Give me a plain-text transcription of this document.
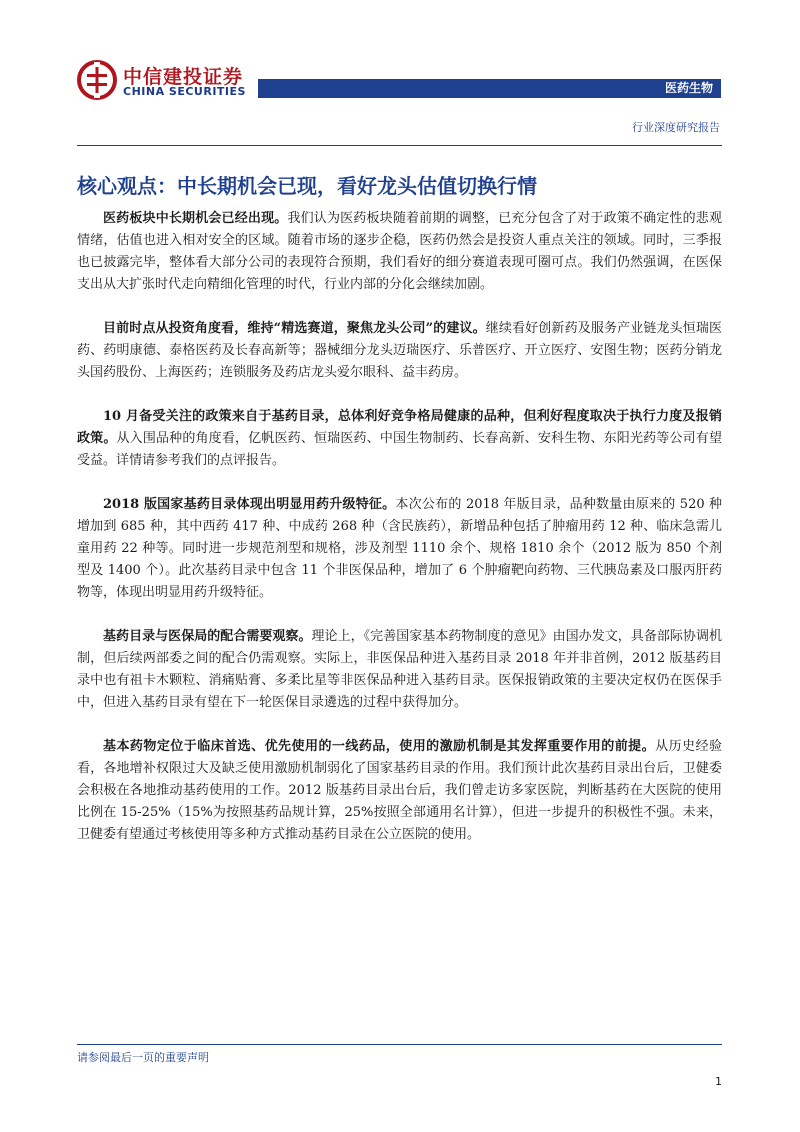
中信建投证券
CHINA SECURITIES	医药生物
行业深度研究报告
核心观点：中长期机会已现，看好龙头估值切换行情

医药板块中长期机会已经出现。我们认为医药板块随着前期的调整，已充分包含了对于政策不确定性的悲观情绪，估值也进入相对安全的区域。随着市场的逐步企稳，医药仍然会是投资人重点关注的领域。同时，三季报也已披露完毕，整体看大部分公司的表现符合预期，我们看好的细分赛道表现可圈可点。我们仍然强调，在医保支出从大扩张时代走向精细化管理的时代，行业内部的分化会继续加剧。

目前时点从投资角度看，维持“精选赛道，聚焦龙头公司”的建议。继续看好创新药及服务产业链龙头恒瑞医药、药明康德、泰格医药及长春高新等；器械细分龙头迈瑞医疗、乐普医疗、开立医疗、安图生物；医药分销龙头国药股份、上海医药；连锁服务及药店龙头爱尔眼科、益丰药房。

10 月备受关注的政策来自于基药目录，总体利好竞争格局健康的品种，但利好程度取决于执行力度及报销政策。从入围品种的角度看，亿帆医药、恒瑞医药、中国生物制药、长春高新、安科生物、东阳光药等公司有望受益。详情请参考我们的点评报告。

2018 版国家基药目录体现出明显用药升级特征。本次公布的 2018 年版目录，品种数量由原来的 520 种增加到 685 种，其中西药 417 种、中成药 268 种（含民族药），新增品种包括了肿瘤用药 12 种、临床急需儿童用药 22 种等。同时进一步规范剂型和规格，涉及剂型 1110 余个、规格 1810 余个（2012 版为 850 个剂型及 1400 个）。此次基药目录中包含 11 个非医保品种，增加了 6 个肿瘤靶向药物、三代胰岛素及口服丙肝药物等，体现出明显用药升级特征。

基药目录与医保局的配合需要观察。理论上，《完善国家基本药物制度的意见》由国办发文，具备部际协调机制，但后续两部委之间的配合仍需观察。实际上，非医保品种进入基药目录 2018 年并非首例，2012 版基药目录中也有祖卡木颗粒、消痛贴膏、多柔比星等非医保品种进入基药目录。医保报销政策的主要决定权仍在医保手中，但进入基药目录有望在下一轮医保目录遴选的过程中获得加分。

基本药物定位于临床首选、优先使用的一线药品，使用的激励机制是其发挥重要作用的前提。从历史经验看，各地增补权限过大及缺乏使用激励机制弱化了国家基药目录的作用。我们预计此次基药目录出台后，卫健委会积极在各地推动基药使用的工作。2012 版基药目录出台后，我们曾走访多家医院，判断基药在大医院的使用比例在 15-25%（15%为按照基药品规计算，25%按照全部通用名计算），但进一步提升的积极性不强。未来，卫健委有望通过考核使用等多种方式推动基药目录在公立医院的使用。

请参阅最后一页的重要声明
1
